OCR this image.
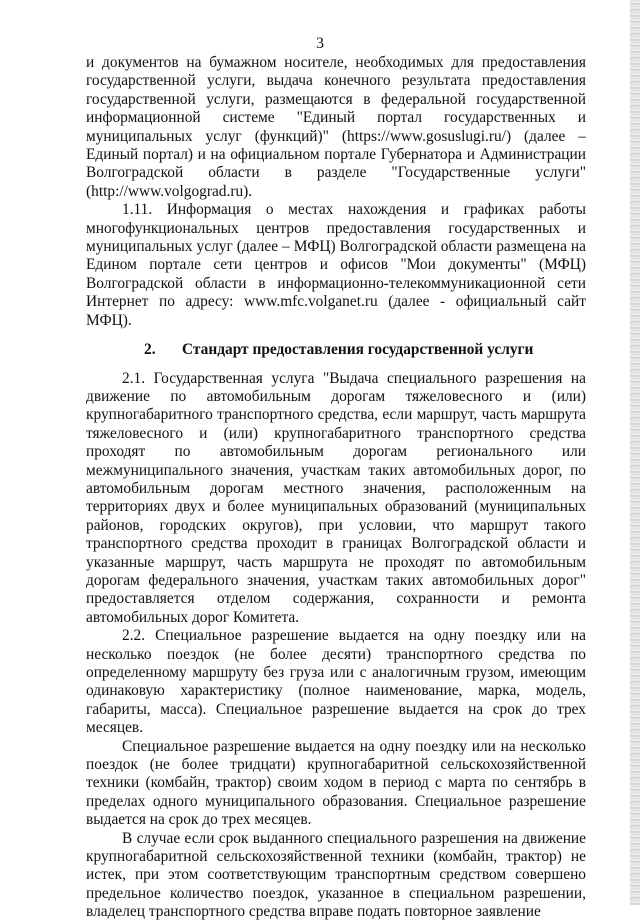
3

и документов на бумажном носителе, необходимых для предоставления государственной услуги, выдача конечного результата предоставления государственной услуги, размещаются в федеральной государственной информационной системе "Единый портал государственных и муниципальных услуг (функций)" (https://www.gosuslugi.ru/) (далее – Единый портал) и на официальном портале Губернатора и Администрации Волгоградской области в разделе "Государственные услуги" (http://www.volgograd.ru).

1.11. Информация о местах нахождения и графиках работы многофункциональных центров предоставления государственных и муниципальных услуг (далее – МФЦ) Волгоградской области размещена на Едином портале сети центров и офисов "Мои документы" (МФЦ) Волгоградской области в информационно-телекоммуникационной сети Интернет по адресу: www.mfc.volganet.ru (далее - официальный сайт МФЦ).

2. Стандарт предоставления государственной услуги

2.1. Государственная услуга "Выдача специального разрешения на движение по автомобильным дорогам тяжеловесного и (или) крупногабаритного транспортного средства, если маршрут, часть маршрута тяжеловесного и (или) крупногабаритного транспортного средства проходят по автомобильным дорогам регионального или межмуниципального значения, участкам таких автомобильных дорог, по автомобильным дорогам местного значения, расположенным на территориях двух и более муниципальных образований (муниципальных районов, городских округов), при условии, что маршрут такого транспортного средства проходит в границах Волгоградской области и указанные маршрут, часть маршрута не проходят по автомобильным дорогам федерального значения, участкам таких автомобильных дорог" предоставляется отделом содержания, сохранности и ремонта автомобильных дорог Комитета.

2.2. Специальное разрешение выдается на одну поездку или на несколько поездок (не более десяти) транспортного средства по определенному маршруту без груза или с аналогичным грузом, имеющим одинаковую характеристику (полное наименование, марка, модель, габариты, масса). Специальное разрешение выдается на срок до трех месяцев.

Специальное разрешение выдается на одну поездку или на несколько поездок (не более тридцати) крупногабаритной сельскохозяйственной техники (комбайн, трактор) своим ходом в период с марта по сентябрь в пределах одного муниципального образования. Специальное разрешение выдается на срок до трех месяцев.

В случае если срок выданного специального разрешения на движение крупногабаритной сельскохозяйственной техники (комбайн, трактор) не истек, при этом соответствующим транспортным средством совершено предельное количество поездок, указанное в специальном разрешении, владелец транспортного средства вправе подать повторное заявление
